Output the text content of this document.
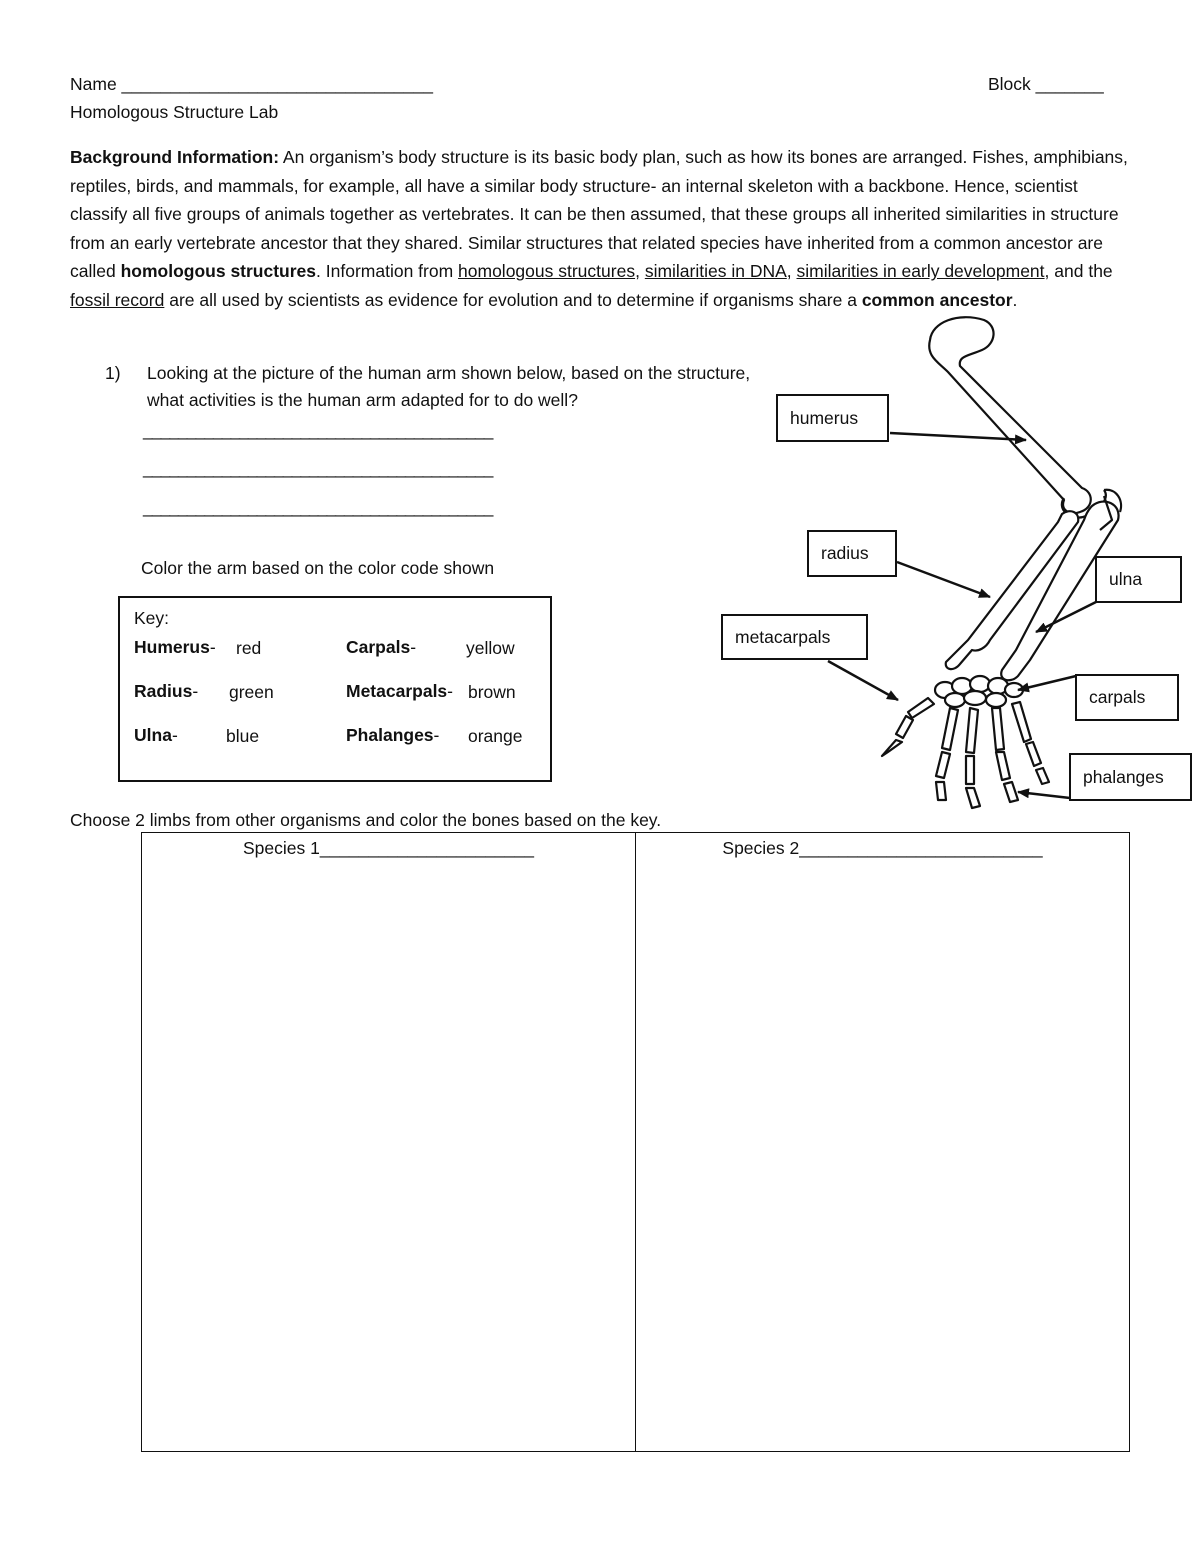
Name ________________________________	Block _______
Homologous Structure Lab
Background Information: An organism’s body structure is its basic body plan, such as how its bones are arranged. Fishes, amphibians, reptiles, birds, and mammals, for example, all have a similar body structure- an internal skeleton with a backbone. Hence, scientist classify all five groups of animals together as vertebrates. It can be then assumed, that these groups all inherited similarities in structure from an early vertebrate ancestor that they shared. Similar structures that related species have inherited from a common ancestor are called homologous structures. Information from homologous structures, similarities in DNA, similarities in early development, and the fossil record are all used by scientists as evidence for evolution and to determine if organisms share a common ancestor.
1) Looking at the picture of the human arm shown below, based on the structure,
what activities is the human arm adapted for to do well?
________________________________________
________________________________________
________________________________________
Color the arm based on the color code shown
Key:
Humerus- red	Carpals-	yellow
Radius- green	Metacarpals- brown
Ulna-	blue	Phalanges- orange
humerus
radius
ulna
metacarpals
carpals
phalanges
Choose 2 limbs from other organisms and color the bones based on the key.
Species 1______________________	Species 2_________________________
